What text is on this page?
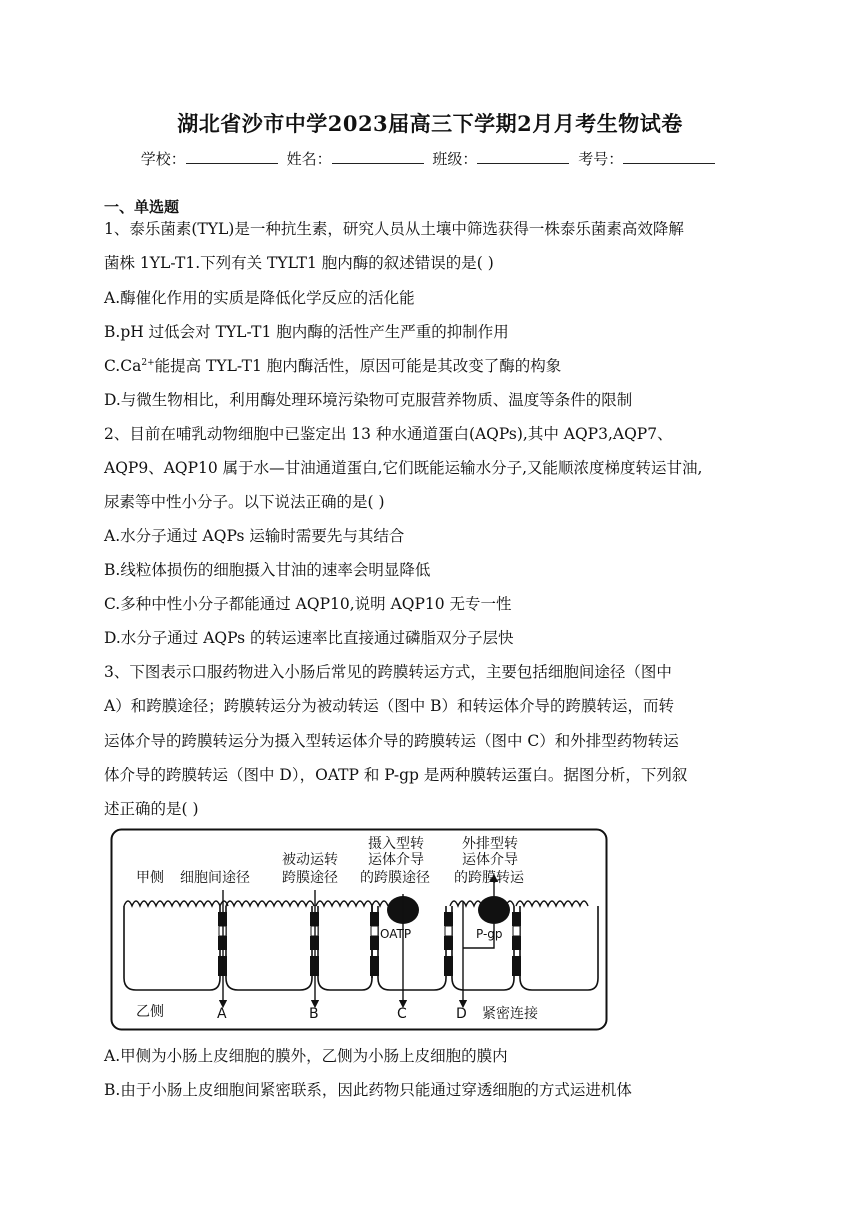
湖北省沙市中学2023届高三下学期2月月考生物试卷
学校：	姓名：	班级：	考号：
一、单选题
1、泰乐菌素(TYL)是一种抗生素，研究人员从土壤中筛选获得一株泰乐菌素高效降解
菌株 1YL-T1.下列有关 TYLT1 胞内酶的叙述错误的是( )
A.酶催化作用的实质是降低化学反应的活化能
B.pH 过低会对 TYL-T1 胞内酶的活性产生严重的抑制作用
$C.Ca^{2+}$能提高 TYL-T1 胞内酶活性，原因可能是其改变了酶的构象
D.与微生物相比，利用酶处理环境污染物可克服营养物质、温度等条件的限制
2、目前在哺乳动物细胞中已鉴定出 13 种水通道蛋白(AQPs),其中 AQP3,AQP7、
AQP9、AQP10 属于水—甘油通道蛋白,它们既能运输水分子,又能顺浓度梯度转运甘油,
尿素等中性小分子。以下说法正确的是( )
A.水分子通过 AQPs 运输时需要先与其结合
B.线粒体损伤的细胞摄入甘油的速率会明显降低
C.多种中性小分子都能通过 AQP10,说明 AQP10 无专一性
D.水分子通过 AQPs 的转运速率比直接通过磷脂双分子层快
3、下图表示口服药物进入小肠后常见的跨膜转运方式，主要包括细胞间途径（图中
A）和跨膜途径；跨膜转运分为被动转运（图中 B）和转运体介导的跨膜转运，而转
运体介导的跨膜转运分为摄入型转运体介导的跨膜转运（图中 C）和外排型药物转运
体介导的跨膜转运（图中 D），OATP 和 P-gp 是两种膜转运蛋白。据图分析，下列叙
述正确的是( )
甲侧 细胞间途径
被动运转
跨膜途径
摄入型转
运体介导
的跨膜途径
外排型转
运体介导
的跨膜转运
乙侧	A	B	C	D 紧密连接
OATP	P-gp
A.甲侧为小肠上皮细胞的膜外，乙侧为小肠上皮细胞的膜内
B.由于小肠上皮细胞间紧密联系，因此药物只能通过穿透细胞的方式运进机体
